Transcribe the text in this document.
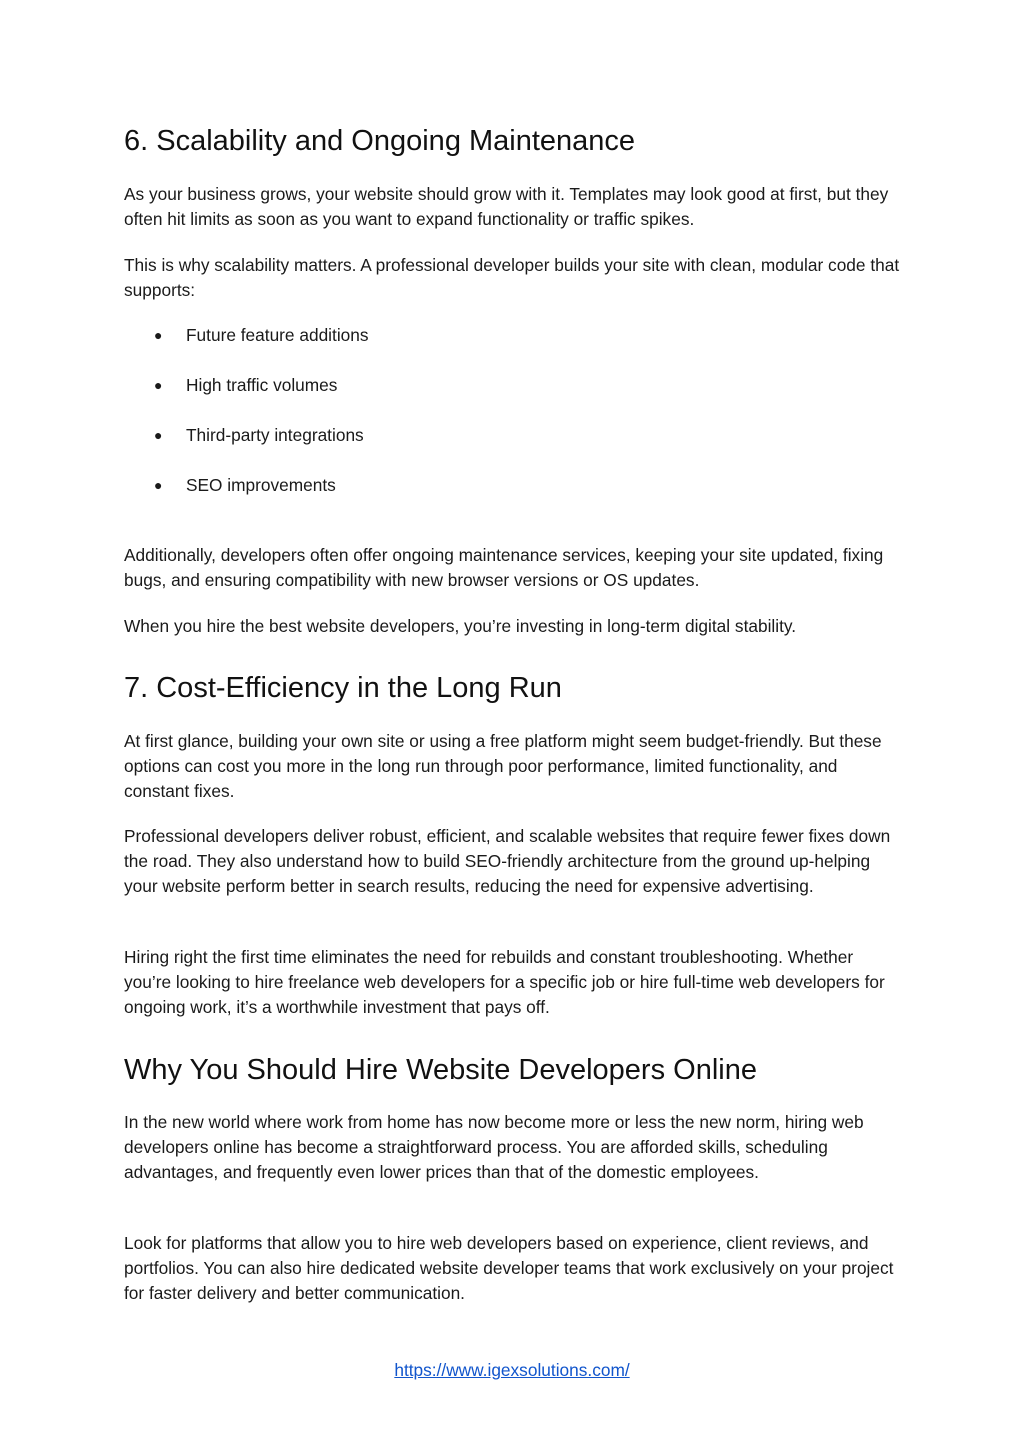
6. Scalability and Ongoing Maintenance

As your business grows, your website should grow with it. Templates may look good at first, but they often hit limits as soon as you want to expand functionality or traffic spikes.

This is why scalability matters. A professional developer builds your site with clean, modular code that supports:

● Future feature additions
● High traffic volumes
● Third-party integrations
● SEO improvements

Additionally, developers often offer ongoing maintenance services, keeping your site updated, fixing bugs, and ensuring compatibility with new browser versions or OS updates.

When you hire the best website developers, you’re investing in long-term digital stability.

7. Cost-Efficiency in the Long Run

At first glance, building your own site or using a free platform might seem budget-friendly. But these options can cost you more in the long run through poor performance, limited functionality, and constant fixes.

Professional developers deliver robust, efficient, and scalable websites that require fewer fixes down the road. They also understand how to build SEO-friendly architecture from the ground up-helping your website perform better in search results, reducing the need for expensive advertising.

Hiring right the first time eliminates the need for rebuilds and constant troubleshooting. Whether you’re looking to hire freelance web developers for a specific job or hire full-time web developers for ongoing work, it’s a worthwhile investment that pays off.

Why You Should Hire Website Developers Online

In the new world where work from home has now become more or less the new norm, hiring web developers online has become a straightforward process. You are afforded skills, scheduling advantages, and frequently even lower prices than that of the domestic employees.

Look for platforms that allow you to hire web developers based on experience, client reviews, and portfolios. You can also hire dedicated website developer teams that work exclusively on your project for faster delivery and better communication.

https://www.igexsolutions.com/
